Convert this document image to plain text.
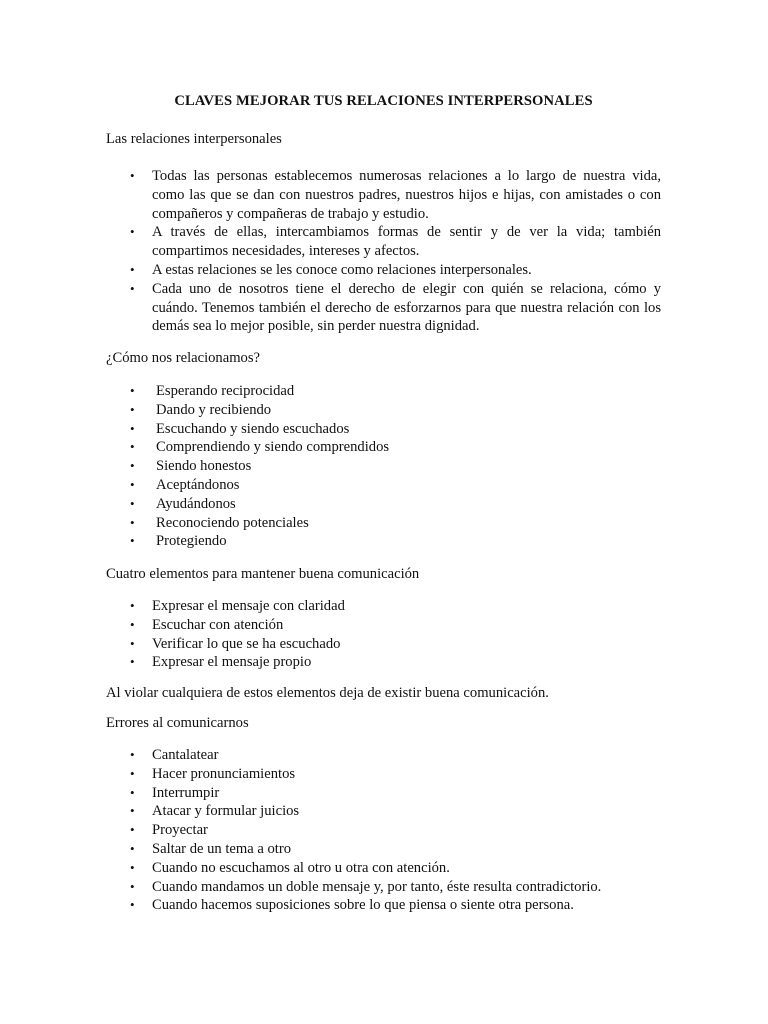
CLAVES MEJORAR TUS RELACIONES INTERPERSONALES

Las relaciones interpersonales

• Todas las personas establecemos numerosas relaciones a lo largo de nuestra vida, como las que se dan con nuestros padres, nuestros hijos e hijas, con amistades o con compañeros y compañeras de trabajo y estudio.
• A través de ellas, intercambiamos formas de sentir y de ver la vida; también compartimos necesidades, intereses y afectos.
• A estas relaciones se les conoce como relaciones interpersonales.
• Cada uno de nosotros tiene el derecho de elegir con quién se relaciona, cómo y cuándo. Tenemos también el derecho de esforzarnos para que nuestra relación con los demás sea lo mejor posible, sin perder nuestra dignidad.

¿Cómo nos relacionamos?

• Esperando reciprocidad
• Dando y recibiendo
• Escuchando y siendo escuchados
• Comprendiendo y siendo comprendidos
• Siendo honestos
• Aceptándonos
• Ayudándonos
• Reconociendo potenciales
• Protegiendo

Cuatro elementos para mantener buena comunicación

• Expresar el mensaje con claridad
• Escuchar con atención
• Verificar lo que se ha escuchado
• Expresar el mensaje propio

Al violar cualquiera de estos elementos deja de existir buena comunicación.

Errores al comunicarnos

• Cantalatear
• Hacer pronunciamientos
• Interrumpir
• Atacar y formular juicios
• Proyectar
• Saltar de un tema a otro
• Cuando no escuchamos al otro u otra con atención.
• Cuando mandamos un doble mensaje y, por tanto, éste resulta contradictorio.
• Cuando hacemos suposiciones sobre lo que piensa o siente otra persona.
